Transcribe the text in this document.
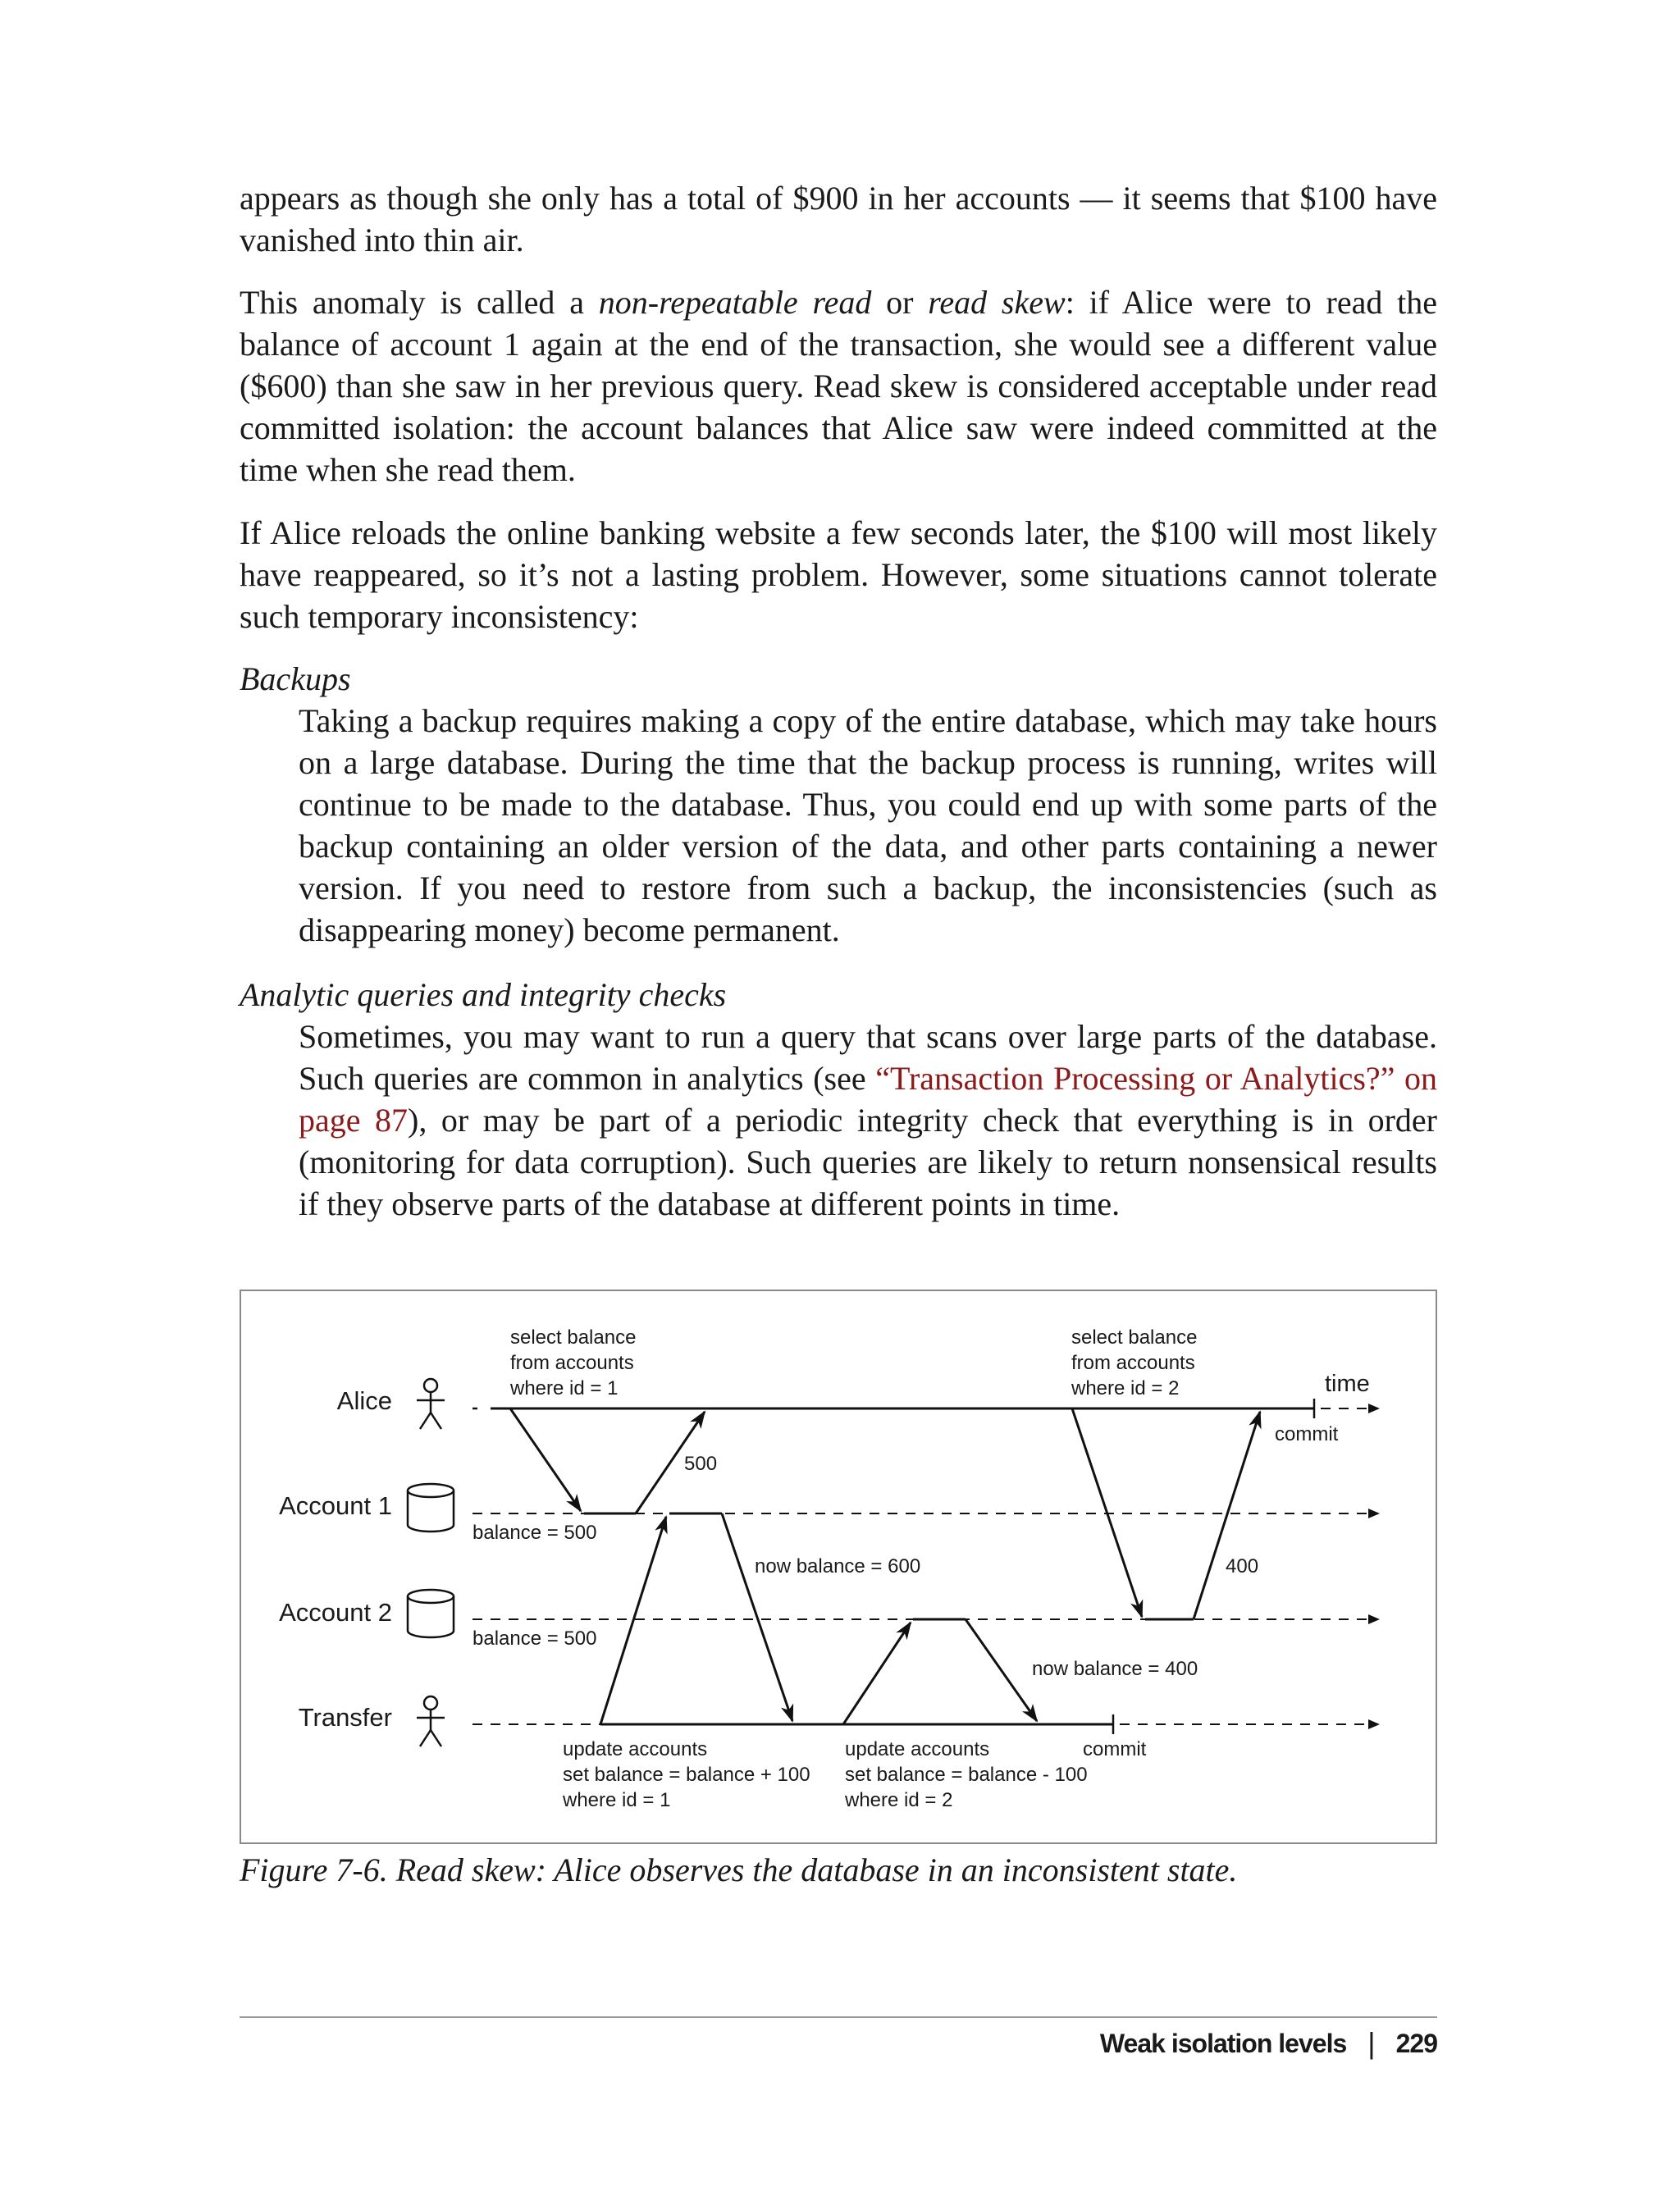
appears as though she only has a total of $900 in her accounts — it seems that $100 have vanished into thin air.

This anomaly is called a non-repeatable read or read skew: if Alice were to read the balance of account 1 again at the end of the transaction, she would see a different value ($600) than she saw in her previous query. Read skew is considered acceptable under read committed isolation: the account balances that Alice saw were indeed committed at the time when she read them.

If Alice reloads the online banking website a few seconds later, the $100 will most likely have reappeared, so it’s not a lasting problem. However, some situations cannot tolerate such temporary inconsistency:

Backups

Taking a backup requires making a copy of the entire database, which may take hours on a large database. During the time that the backup process is running, writes will continue to be made to the database. Thus, you could end up with some parts of the backup containing an older version of the data, and other parts containing a newer version. If you need to restore from such a backup, the inconsistencies (such as disappearing money) become permanent.

Analytic queries and integrity checks

Sometimes, you may want to run a query that scans over large parts of the database. Such queries are common in analytics (see “Transaction Processing or Analytics?” on page 87), or may be part of a periodic integrity check that everything is in order (monitoring for data corruption). Such queries are likely to return nonsensical results if they observe parts of the database at different points in time.

Alice
Account 1
Account 2
Transfer
select balance from accounts where id = 1
select balance from accounts where id = 2	time
commit
500
400
balance = 500
balance = 500
now balance = 600
now balance = 400
update accounts set balance = balance + 100 where id = 1
update accounts set balance = balance - 100 where id = 2
commit
Figure 7-6. Read skew: Alice observes the database in an inconsistent state.
Weak isolation levels | 229
